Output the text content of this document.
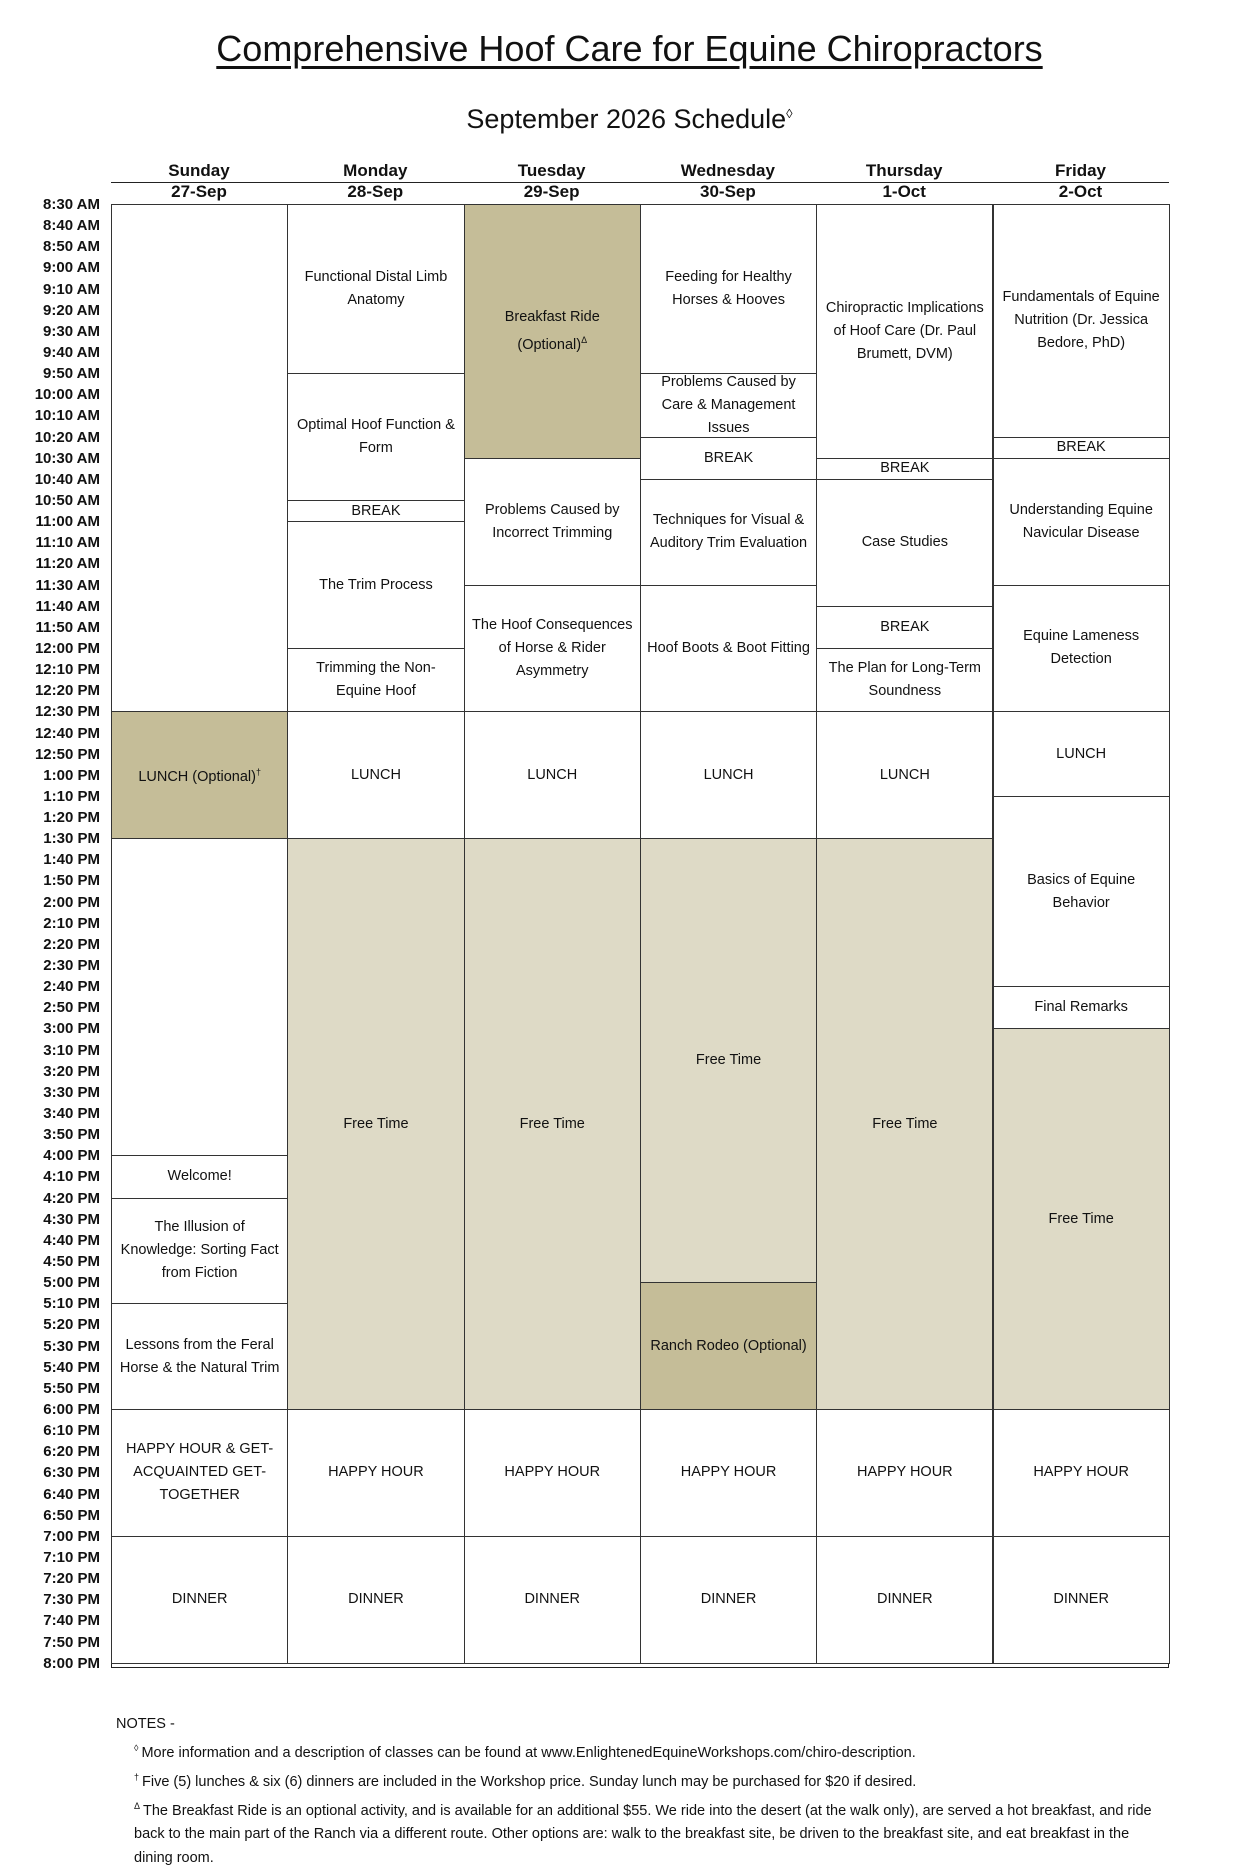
Comprehensive Hoof Care for Equine Chiropractors
September 2026 Schedule◊
Sunday
27-Sep
Monday
28-Sep
Tuesday
29-Sep
Wednesday
30-Sep
Thursday
1-Oct
Friday
2-Oct
8:30 AM
8:40 AM
8:50 AM
9:00 AM
9:10 AM
9:20 AM
9:30 AM
9:40 AM
9:50 AM
10:00 AM
10:10 AM
10:20 AM
10:30 AM
10:40 AM
10:50 AM
11:00 AM
11:10 AM
11:20 AM
11:30 AM
11:40 AM
11:50 AM
12:00 PM
12:10 PM
12:20 PM
12:30 PM
12:40 PM
12:50 PM
1:00 PM
1:10 PM
1:20 PM
1:30 PM
1:40 PM
1:50 PM
2:00 PM
2:10 PM
2:20 PM
2:30 PM
2:40 PM
2:50 PM
3:00 PM
3:10 PM
3:20 PM
3:30 PM
3:40 PM
3:50 PM
4:00 PM
4:10 PM
4:20 PM
4:30 PM
4:40 PM
4:50 PM
5:00 PM
5:10 PM
5:20 PM
5:30 PM
5:40 PM
5:50 PM
6:00 PM
6:10 PM
6:20 PM
6:30 PM
6:40 PM
6:50 PM
7:00 PM
7:10 PM
7:20 PM
7:30 PM
7:40 PM
7:50 PM
8:00 PM
LUNCH (Optional)†
Welcome!
The Illusion of Knowledge: Sorting Fact from Fiction
Lessons from the Feral Horse & the Natural Trim
HAPPY HOUR & GET-ACQUAINTED GET-TOGETHER
DINNER
Functional Distal Limb Anatomy
Optimal Hoof Function & Form
BREAK
The Trim Process
Trimming the Non-Equine Hoof
LUNCH
Free Time
HAPPY HOUR
DINNER
Breakfast Ride (Optional)$^\Delta$
Problems Caused by Incorrect Trimming
The Hoof Consequences of Horse & Rider Asymmetry
LUNCH
Free Time
HAPPY HOUR
DINNER
Feeding for Healthy Horses & Hooves
Problems Caused by Care & Management Issues
BREAK
Techniques for Visual & Auditory Trim Evaluation
Hoof Boots & Boot Fitting
LUNCH
Free Time
Ranch Rodeo (Optional)
HAPPY HOUR
DINNER
Chiropractic Implications of Hoof Care (Dr. Paul Brumett, DVM)
BREAK
Case Studies
BREAK
The Plan for Long-Term Soundness
LUNCH
Free Time
HAPPY HOUR
DINNER
Fundamentals of Equine Nutrition (Dr. Jessica Bedore, PhD)
BREAK
Understanding Equine Navicular Disease
Equine Lameness Detection
LUNCH
Basics of Equine Behavior
Final Remarks
Free Time
HAPPY HOUR
DINNER
NOTES -
◊ More information and a description of classes can be found at www.EnlightenedEquineWorkshops.com/chiro-description.
† Five (5) lunches & six (6) dinners are included in the Workshop price. Sunday lunch may be purchased for $20 if desired.
$^\Delta$ The Breakfast Ride is an optional activity, and is available for an additional $55. We ride into the desert (at the walk only), are served a hot breakfast, and ride back to the main part of the Ranch via a different route. Other options are: walk to the breakfast site, be driven to the breakfast site, and eat breakfast in the dining room.
